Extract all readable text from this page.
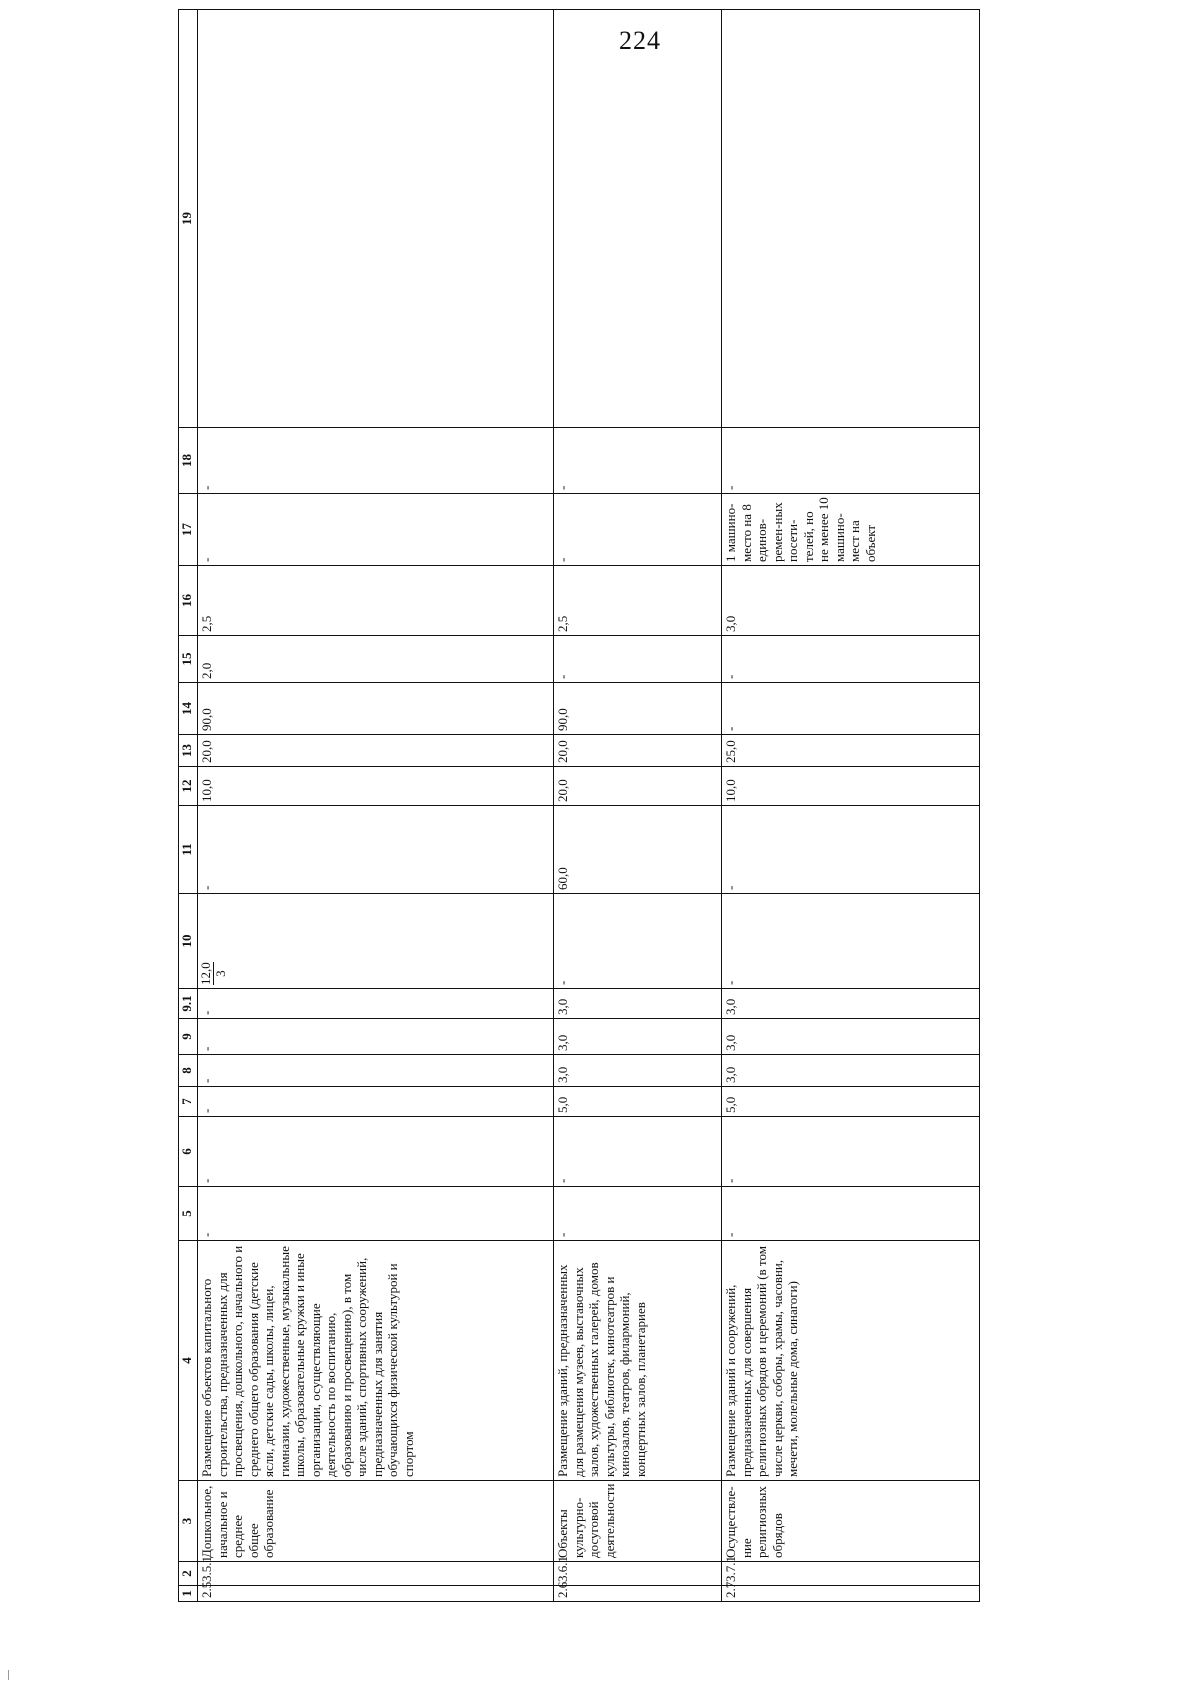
224
1	2	3	4	5	6	7	8	9	9.1	10	11	12	13	14	15	16	17	18	19
2.5	3.5.1	Дошкольное, начальное и среднее общее образование	Размещение объектов капитального строительства, предназначенных для просвещения, дошкольного, начального и среднего общего образования (детские ясли, детские сады, школы, лицеи, гимназии, художественные, музыкальные школы, образовательные кружки и иные организации, осуществляющие деятельность по воспитанию, образованию и просвещению), в том числе зданий, спортивных сооружений, предназначенных для занятия обучающихся физической культурой и спортом	-	-	-	-	-	-	12,0 3	-	10,0	20,0	90,0	2,0	2,5	-	-	
2.6	3.6.1	Объекты культурно-досуговой деятельности	Размещение зданий, предназначенных для размещения музеев, выставочных залов, художественных галерей, домов культуры, библиотек, кинотеатров и кинозалов, театров, филармоний, концертных залов, планетариев	-	-	5,0	3,0	3,0	3,0	-	60,0	20,0	20,0	90,0	-	2,5	-	-	
2.7	3.7.1	Осуществле-ние религиозных обрядов	Размещение зданий и сооружений, предназначенных для совершения религиозных обрядов и церемоний (в том числе церкви, соборы, храмы, часовни, мечети, молельные дома, синагоги)	-	-	5,0	3,0	3,0	3,0	-	-	10,0	25,0	-	-	3,0	1 машино-место на 8 единов-ремен-ных посети-телей, но не менее 10 машино-мест на объект	-	
